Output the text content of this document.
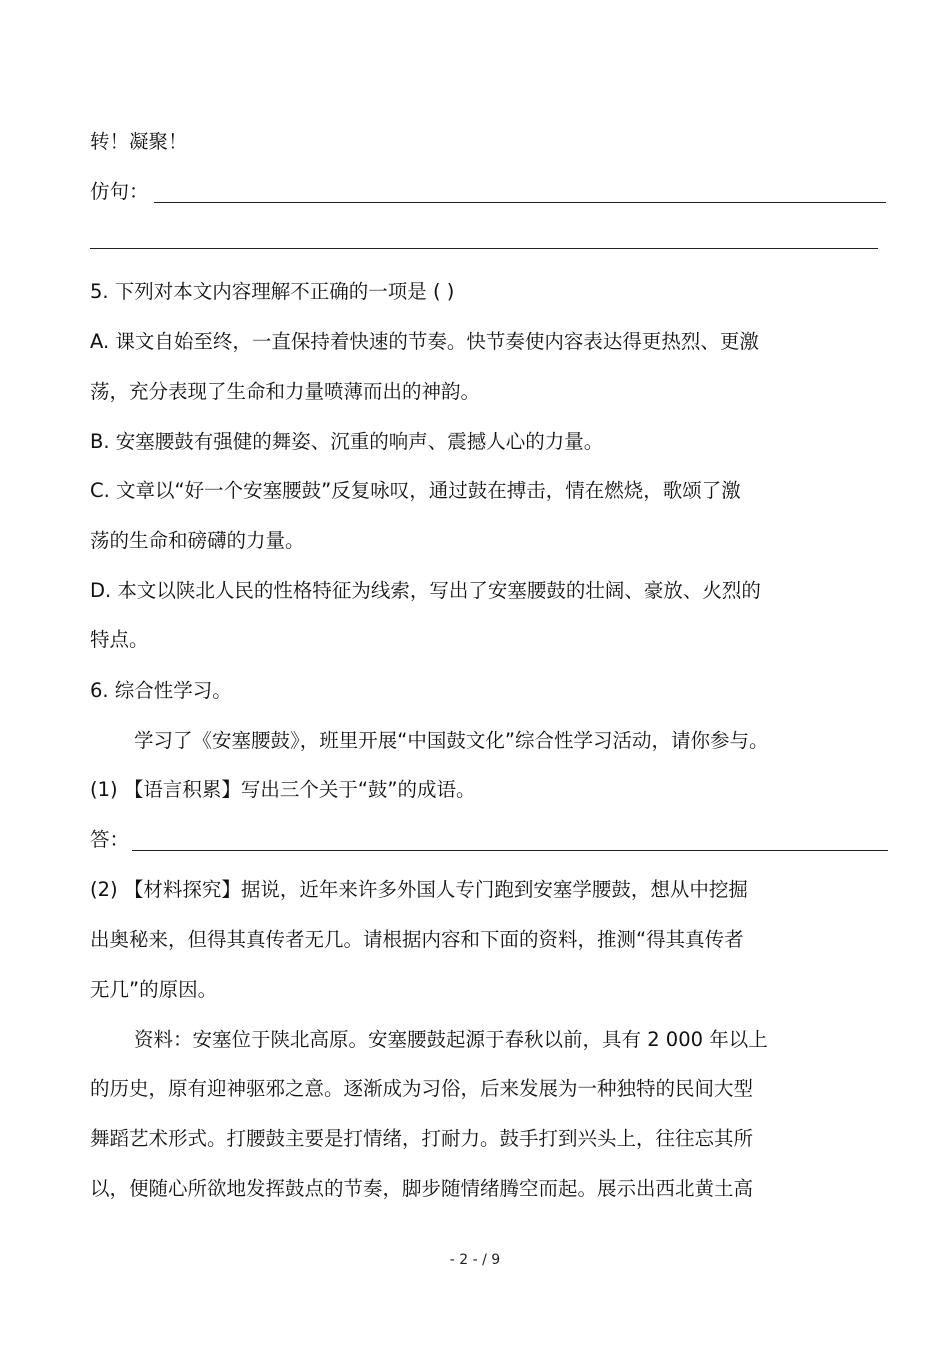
转！凝聚！
仿句：
5. 下列对本文内容理解不正确的一项是 ( )
A. 课文自始至终，一直保持着快速的节奏。快节奏使内容表达得更热烈、更激
荡，充分表现了生命和力量喷薄而出的神韵。
B. 安塞腰鼓有强健的舞姿、沉重的响声、震撼人心的力量。
C. 文章以“好一个安塞腰鼓”反复咏叹，通过鼓在搏击，情在燃烧，歌颂了激
荡的生命和磅礴的力量。
D. 本文以陕北人民的性格特征为线索，写出了安塞腰鼓的壮阔、豪放、火烈的
特点。
6. 综合性学习。
学习了《安塞腰鼓》，班里开展“中国鼓文化”综合性学习活动，请你参与。
(1) 【语言积累】写出三个关于“鼓”的成语。
答：
(2) 【材料探究】据说，近年来许多外国人专门跑到安塞学腰鼓，想从中挖掘
出奥秘来，但得其真传者无几。请根据内容和下面的资料，推测“得其真传者
无几”的原因。
资料：安塞位于陕北高原。安塞腰鼓起源于春秋以前，具有 2 000 年以上
的历史，原有迎神驱邪之意。逐渐成为习俗，后来发展为一种独特的民间大型
舞蹈艺术形式。打腰鼓主要是打情绪，打耐力。鼓手打到兴头上，往往忘其所
以，便随心所欲地发挥鼓点的节奏，脚步随情绪腾空而起。展示出西北黄土高
- 2 - / 9
